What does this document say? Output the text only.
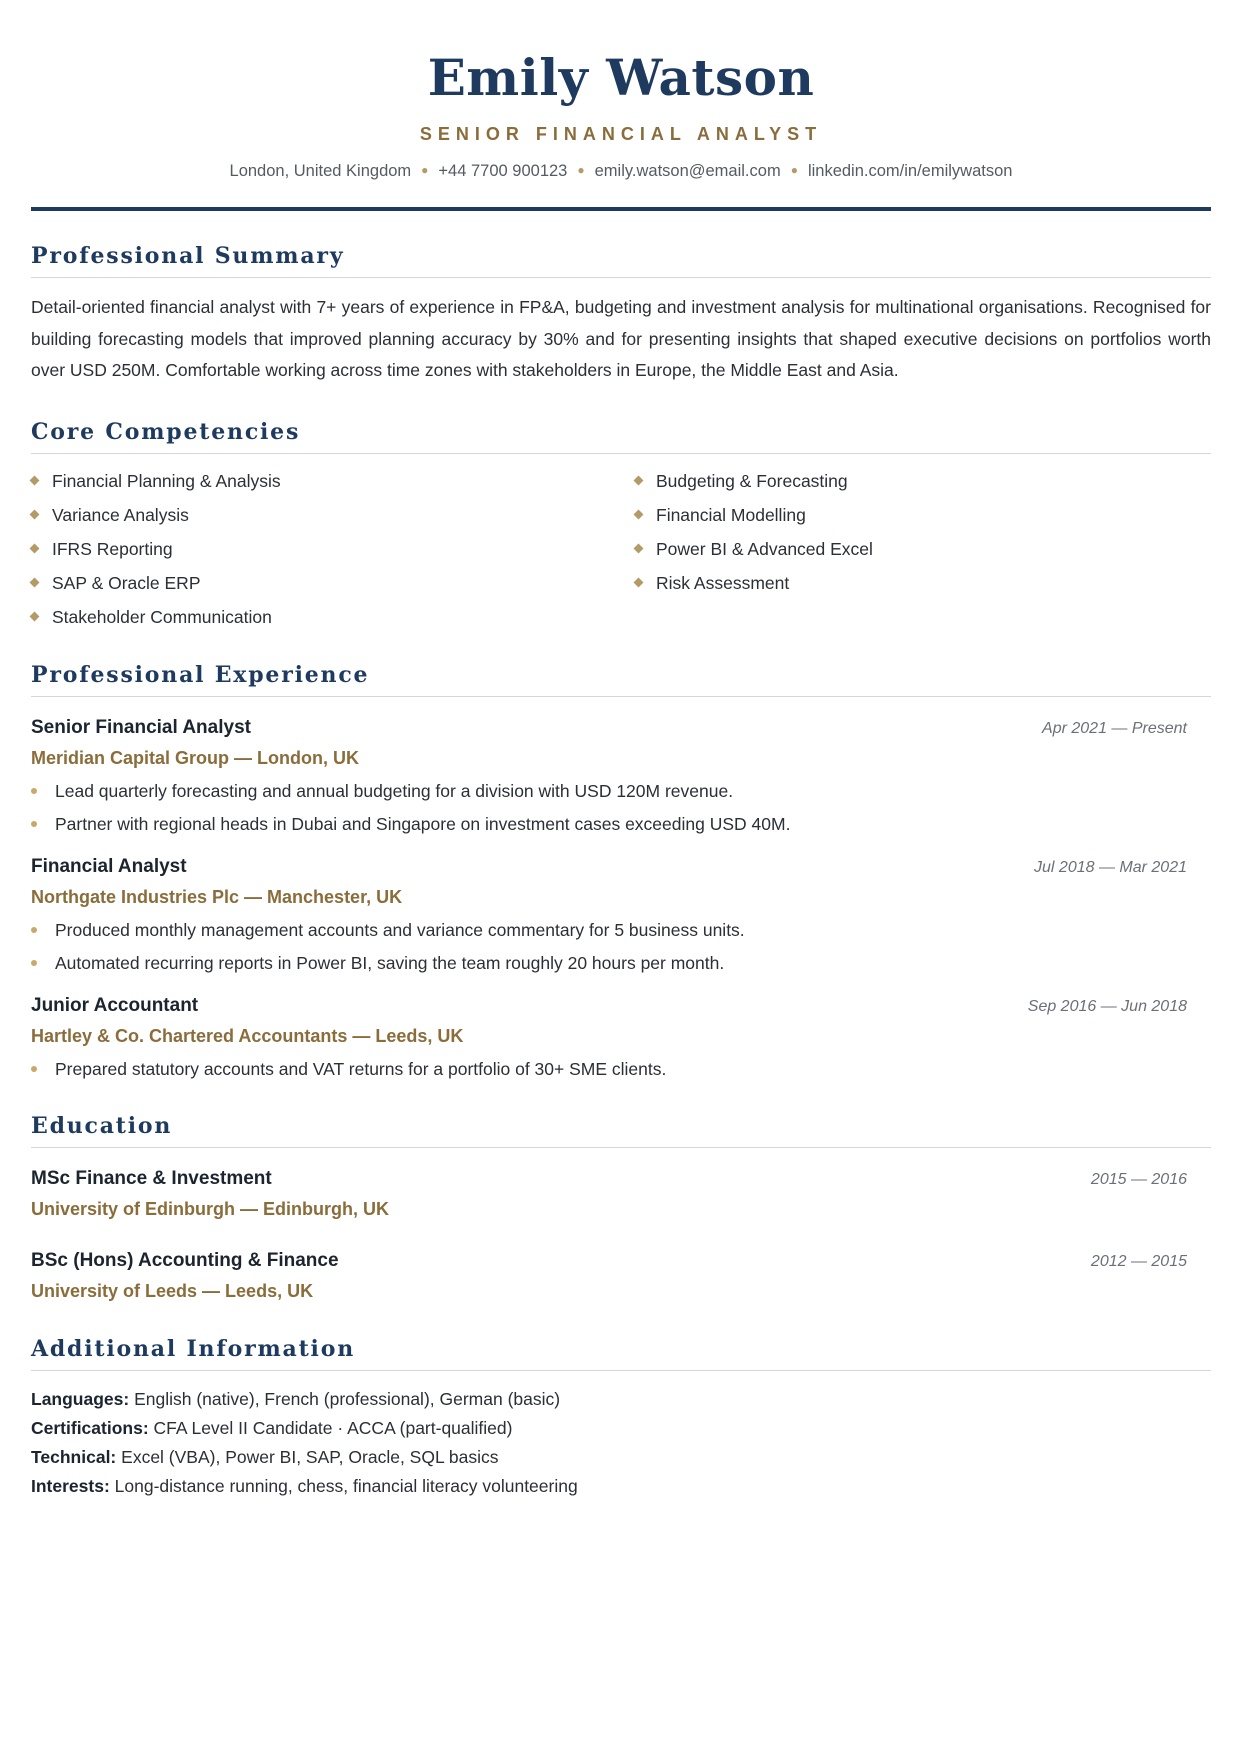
Emily Watson
SENIOR FINANCIAL ANALYST
London, United Kingdom ● +44 7700 900123 ● emily.watson@email.com ● linkedin.com/in/emilywatson
Professional Summary

Detail-oriented financial analyst with 7+ years of experience in FP&A, budgeting and investment analysis for multinational organisations. Recognised for building forecasting models that improved planning accuracy by 30% and for presenting insights that shaped executive decisions on portfolios worth over USD 250M. Comfortable working across time zones with stakeholders in Europe, the Middle East and Asia.

Core Competencies
Financial Planning & Analysis	Budgeting & Forecasting
Variance Analysis	Financial Modelling
IFRS Reporting	Power BI & Advanced Excel
SAP & Oracle ERP	Risk Assessment
Stakeholder Communication
Professional Experience
Senior Financial Analyst	Apr 2021 — Present
Meridian Capital Group — London, UK
Lead quarterly forecasting and annual budgeting for a division with USD 120M revenue.
Partner with regional heads in Dubai and Singapore on investment cases exceeding USD 40M.
Financial Analyst	Jul 2018 — Mar 2021
Northgate Industries Plc — Manchester, UK
Produced monthly management accounts and variance commentary for 5 business units.
Automated recurring reports in Power BI, saving the team roughly 20 hours per month.
Junior Accountant	Sep 2016 — Jun 2018
Hartley & Co. Chartered Accountants — Leeds, UK
Prepared statutory accounts and VAT returns for a portfolio of 30+ SME clients.
Education
MSc Finance & Investment	2015 — 2016
University of Edinburgh — Edinburgh, UK
BSc (Hons) Accounting & Finance	2012 — 2015
University of Leeds — Leeds, UK
Additional Information
Languages: English (native), French (professional), German (basic)
Certifications: CFA Level II Candidate · ACCA (part-qualified)
Technical: Excel (VBA), Power BI, SAP, Oracle, SQL basics
Interests: Long-distance running, chess, financial literacy volunteering
